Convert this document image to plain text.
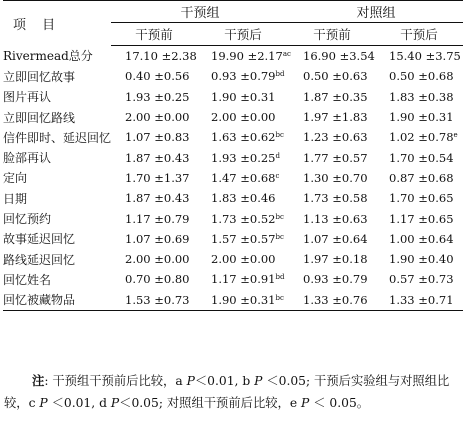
项 目	干预组		对照组	
	干预前	干预后	干预前	干预后
Rivermead总分	17.10 ±2.38	19.90 ±2.17$^{ac}$	16.90 ±3.54	15.40 ±3.75
立即回忆故事	0.40 ±0.56	0.93 ±0.79$^{bd}$	0.50 ±0.63	0.50 ±0.68
图片再认	1.93 ±0.25	1.90 ±0.31	1.87 ±0.35	1.83 ±0.38
立即回忆路线	2.00 ±0.00	2.00 ±0.00	1.97 ±1.83	1.90 ±0.31
信件即时、延迟回忆	1.07 ±0.83	1.63 ±0.62$^{bc}$	1.23 ±0.63	1.02 ±0.78$^e$
脸部再认	1.87 ±0.43	1.93 ±0.25$^d$	1.77 ±0.57	1.70 ±0.54
定向	1.70 ±1.37	1.47 ±0.68$^c$	1.30 ±0.70	0.87 ±0.68
日期	1.87 ±0.43	1.83 ±0.46	1.73 ±0.58	1.70 ±0.65
回忆预约	1.17 ±0.79	1.73 ±0.52$^{bc}$	1.13 ±0.63	1.17 ±0.65
故事延迟回忆	1.07 ±0.69	1.57 ±0.57$^{bc}$	1.07 ±0.64	1.00 ±0.64
路线延迟回忆	2.00 ±0.00	2.00 ±0.00	1.97 ±0.18	1.90 ±0.40
回忆姓名	0.70 ±0.80	1.17 ±0.91$^{bd}$	0.93 ±0.79	0.57 ±0.73
回忆被藏物品	1.53 ±0.73	1.90 ±0.31$^{bc}$	1.33 ±0.76	1.33 ±0.71
注: 干预组干预前后比较，a P＜0.01, b P ＜0.05; 干预后实验组与对照组比较，c P ＜0.01, d P＜0.05; 对照组干预前后比较，e P ＜ 0.05。
